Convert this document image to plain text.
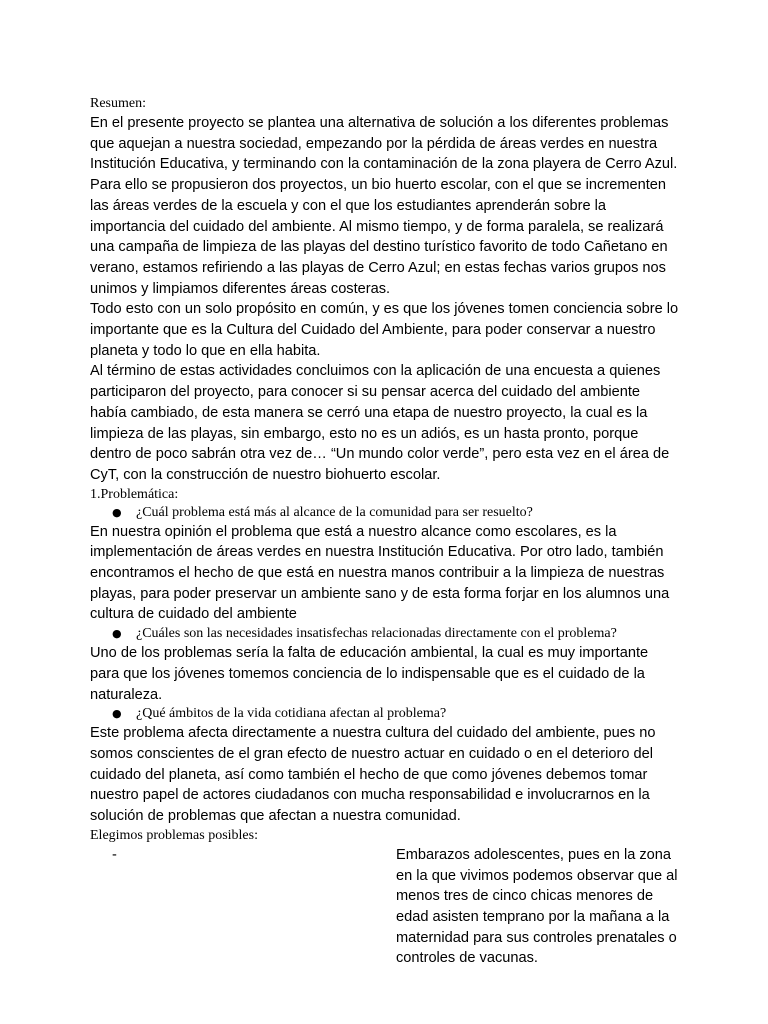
Resumen:

En el presente proyecto se plantea una alternativa de solución a los diferentes problemas que aquejan a nuestra sociedad, empezando por la pérdida de áreas verdes en nuestra Institución Educativa, y terminando con la contaminación de la zona playera de Cerro Azul.

Para ello se propusieron dos proyectos, un bio huerto escolar, con el que se incrementen las áreas verdes de la escuela y con el que los estudiantes aprenderán sobre la importancia del cuidado del ambiente. Al mismo tiempo, y de forma paralela, se realizará una campaña de limpieza de las playas del destino turístico favorito de todo Cañetano en verano, estamos refiriendo a las playas de Cerro Azul; en estas fechas varios grupos nos unimos y limpiamos diferentes áreas costeras.

Todo esto con un solo propósito en común, y es que los jóvenes tomen conciencia sobre lo importante que es la Cultura del Cuidado del Ambiente, para poder conservar a nuestro planeta y todo lo que en ella habita.

Al término de estas actividades concluimos con la aplicación de una encuesta a quienes participaron del proyecto, para conocer si su pensar acerca del cuidado del ambiente había cambiado, de esta manera se cerró una etapa de nuestro proyecto, la cual es la limpieza de las playas, sin embargo, esto no es un adiós, es un hasta pronto, porque dentro de poco sabrán otra vez de… “Un mundo color verde”, pero esta vez en el área de CyT, con la construcción de nuestro biohuerto escolar.

1.Problemática:

●	¿Cuál problema está más al alcance de la comunidad para ser resuelto?

En nuestra opinión el problema que está a nuestro alcance como escolares, es la implementación de áreas verdes en nuestra Institución Educativa. Por otro lado, también encontramos el hecho de que está en nuestra manos contribuir a la limpieza de nuestras playas, para poder preservar un ambiente sano y de esta forma forjar en los alumnos una cultura de cuidado del ambiente

●	¿Cuáles son las necesidades insatisfechas relacionadas directamente con el problema?

Uno de los problemas sería la falta de educación ambiental, la cual es muy importante para que los jóvenes tomemos conciencia de lo indispensable que es el cuidado de la naturaleza.

●	¿Qué ámbitos de la vida cotidiana afectan al problema?

Este problema afecta directamente a nuestra cultura del cuidado del ambiente, pues no somos conscientes de el gran efecto de nuestro actuar en cuidado o en el deterioro del cuidado del planeta, así como también el hecho de que como jóvenes debemos tomar nuestro papel de actores ciudadanos con mucha responsabilidad e involucrarnos en la solución de problemas que afectan a nuestra comunidad.

Elegimos problemas posibles:

-	Embarazos adolescentes, pues en la zona en la que vivimos podemos observar que al menos tres de cinco chicas menores de edad asisten temprano por la mañana a la maternidad para sus controles prenatales o controles de vacunas.
